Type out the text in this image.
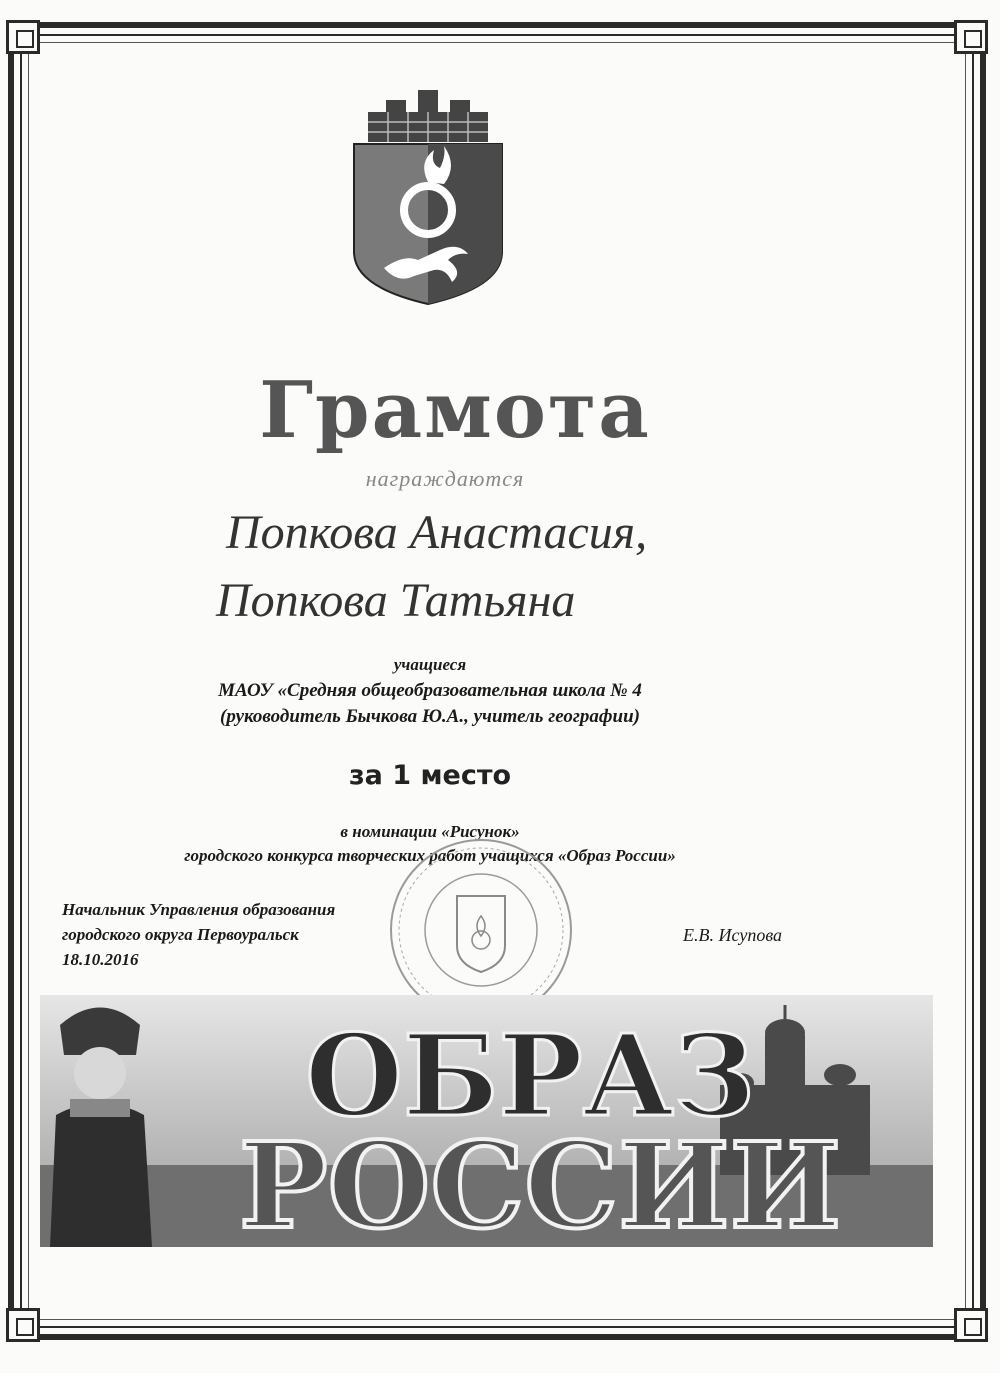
Грамота
награждаются
Попкова Анастасия,
Попкова Татьяна
учащиеся
МАОУ «Средняя общеобразовательная школа № 4
(руководитель Бычкова Ю.А., учитель географии)
за 1 место
в номинации «Рисунок»
городского конкурса творческих работ учащихся «Образ России»
Начальник Управления образования
городского округа Первоуральск
18.10.2016
Е.В. Исупова
ОБРАЗ
РОССИИ
